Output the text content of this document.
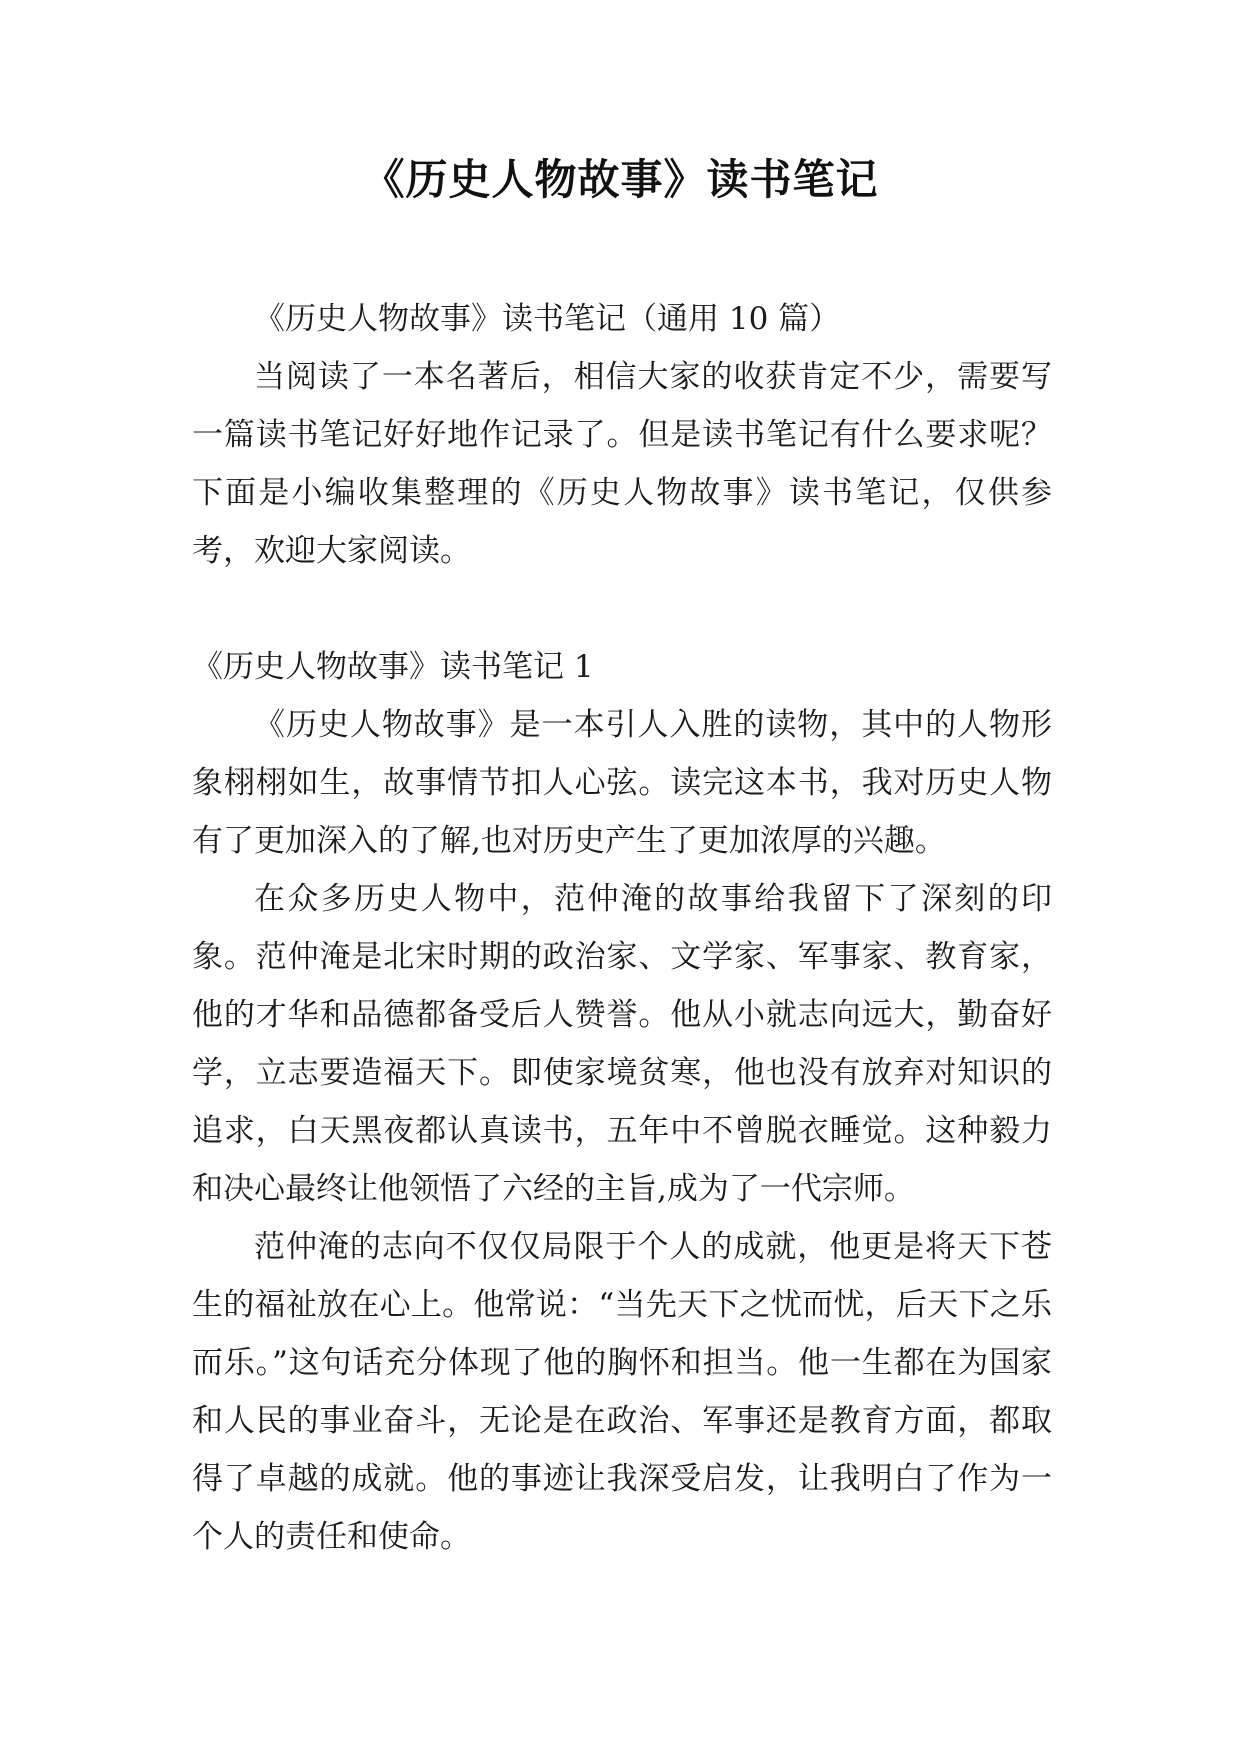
《历史人物故事》读书笔记

《历史人物故事》读书笔记（通用 10 篇）

当阅读了一本名著后，相信大家的收获肯定不少，需要写一篇读书笔记好好地作记录了。但是读书笔记有什么要求呢？下面是小编收集整理的《历史人物故事》读书笔记，仅供参考，欢迎大家阅读。

《历史人物故事》读书笔记 1

《历史人物故事》是一本引人入胜的读物，其中的人物形象栩栩如生，故事情节扣人心弦。读完这本书，我对历史人物有了更加深入的了解,也对历史产生了更加浓厚的兴趣。

在众多历史人物中，范仲淹的故事给我留下了深刻的印象。范仲淹是北宋时期的政治家、文学家、军事家、教育家，他的才华和品德都备受后人赞誉。他从小就志向远大，勤奋好学，立志要造福天下。即使家境贫寒，他也没有放弃对知识的追求，白天黑夜都认真读书，五年中不曾脱衣睡觉。这种毅力和决心最终让他领悟了六经的主旨,成为了一代宗师。

范仲淹的志向不仅仅局限于个人的成就，他更是将天下苍生的福祉放在心上。他常说：“当先天下之忧而忧，后天下之乐而乐。”这句话充分体现了他的胸怀和担当。他一生都在为国家和人民的事业奋斗，无论是在政治、军事还是教育方面，都取得了卓越的成就。他的事迹让我深受启发，让我明白了作为一个人的责任和使命。
